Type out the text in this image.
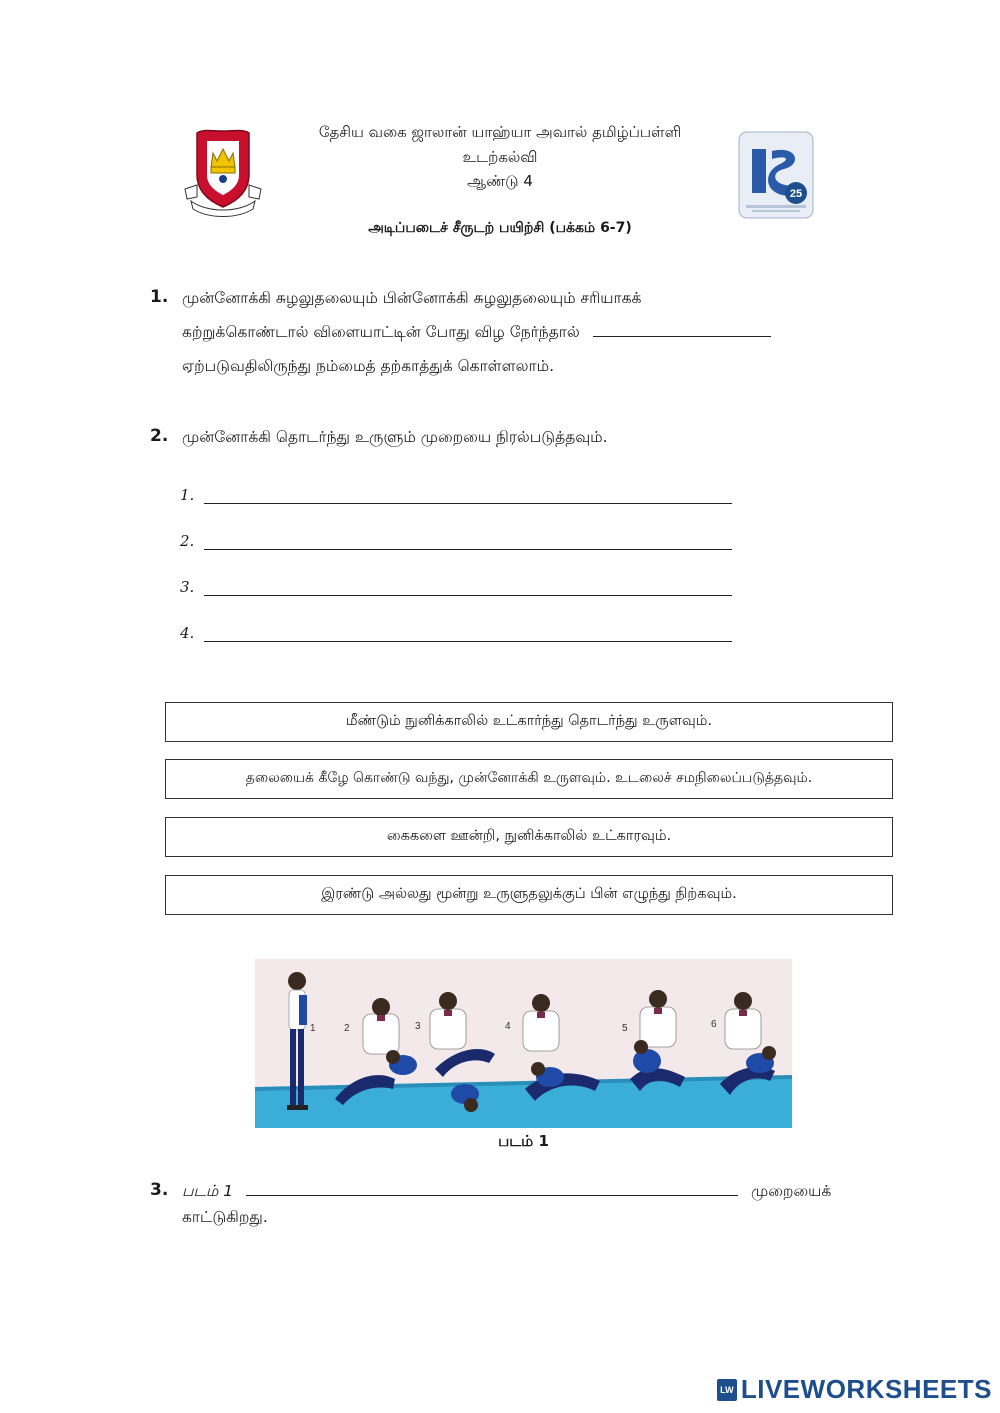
25
தேசிய வகை ஜாலான் யாஹ்யா அவால் தமிழ்ப்பள்ளி
உடற்கல்வி
ஆண்டு 4
அடிப்படைச் சீருடற் பயிற்சி (பக்கம் 6-7)
1. முன்னோக்கி சுழலுதலையும் பின்னோக்கி சுழலுதலையும் சரியாகக்
கற்றுக்கொண்டால் விளையாட்டின் போது விழ நேர்ந்தால்
ஏற்படுவதிலிருந்து நம்மைத் தற்காத்துக் கொள்ளலாம்.
2. முன்னோக்கி தொடர்ந்து உருளும் முறையை நிரல்படுத்தவும்.
1.
2.
3.
4.
மீண்டும் நுனிக்காலில் உட்கார்ந்து தொடர்ந்து உருளவும்.
தலையைக் கீழே கொண்டு வந்து, முன்னோக்கி உருளவும். உடலைச் சமநிலைப்படுத்தவும்.
கைகளை ஊன்றி, நுனிக்காலில் உட்காரவும்.
இரண்டு அல்லது மூன்று உருளுதலுக்குப் பின் எழுந்து நிற்கவும்.
1	2	3	4	5	6
படம் 1
3. படம் 1	முறையைக்
காட்டுகிறது.
LW LIVEWORKSHEETS
